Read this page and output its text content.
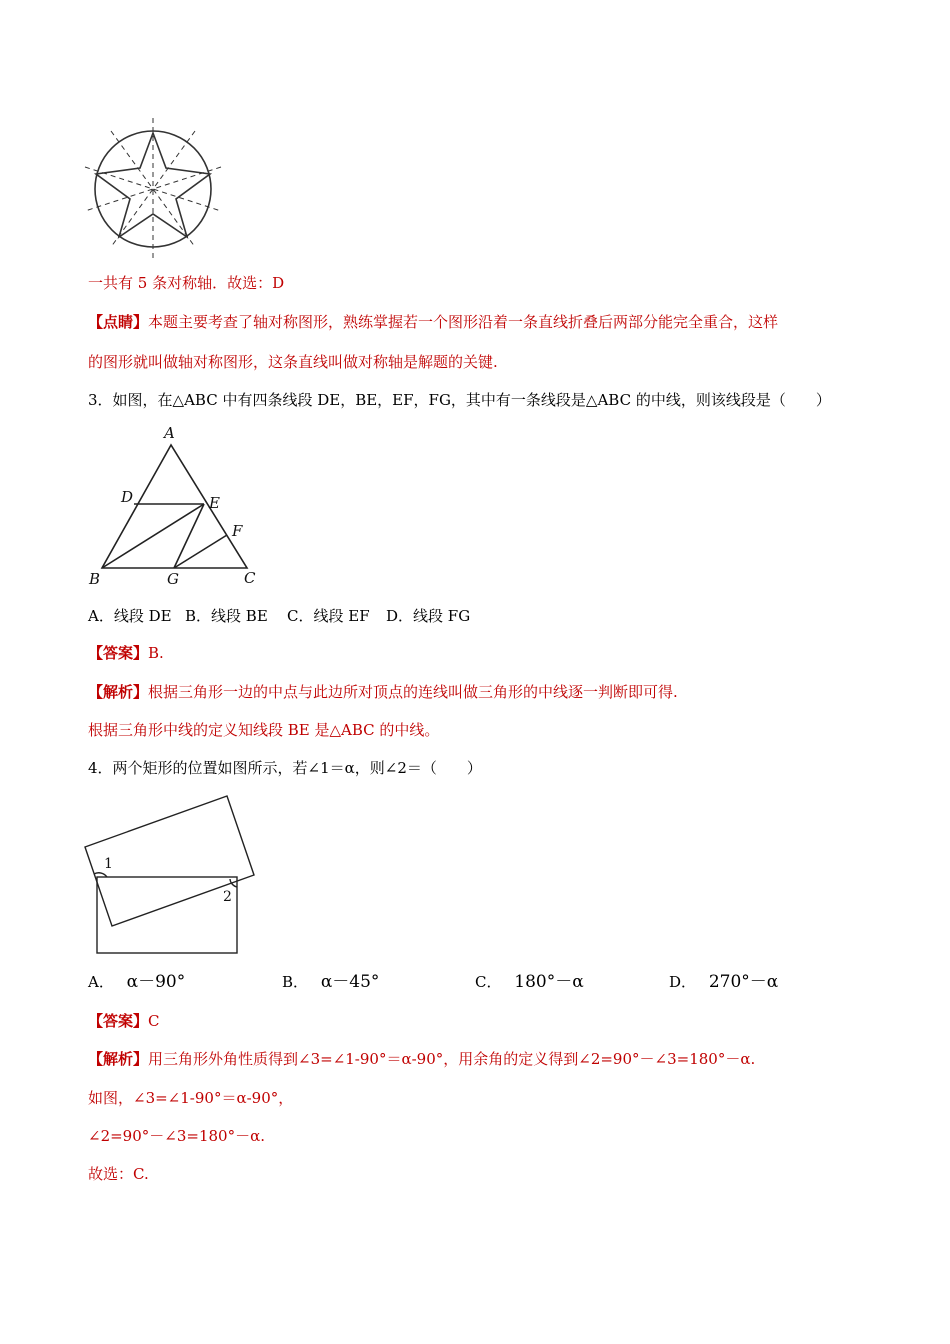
一共有 5 条对称轴．故选：D
【点睛】本题主要考查了轴对称图形，熟练掌握若一个图形沿着一条直线折叠后两部分能完全重合，这样
的图形就叫做轴对称图形，这条直线叫做对称轴是解题的关键.
3．如图，在△ABC 中有四条线段 DE，BE，EF，FG，其中有一条线段是△ABC 的中线，则该线段是（　　）
A
D	E
F
B	G	C
A．线段 DE B．线段 BE C．线段 EF D．线段 FG
【答案】B.
【解析】根据三角形一边的中点与此边所对顶点的连线叫做三角形的中线逐一判断即可得.
根据三角形中线的定义知线段 BE 是△ABC 的中线。
4．两个矩形的位置如图所示，若∠1＝α，则∠2＝（　　）
1
2
A． α－90°	B． α－45°	C． 180°－α	D． 270°－α
【答案】C
【解析】用三角形外角性质得到∠3=∠1-90°＝α-90°，用余角的定义得到∠2=90°－∠3=180°－α.
如图，∠3=∠1-90°＝α-90°，
∠2=90°－∠3=180°－α.
故选：C.
